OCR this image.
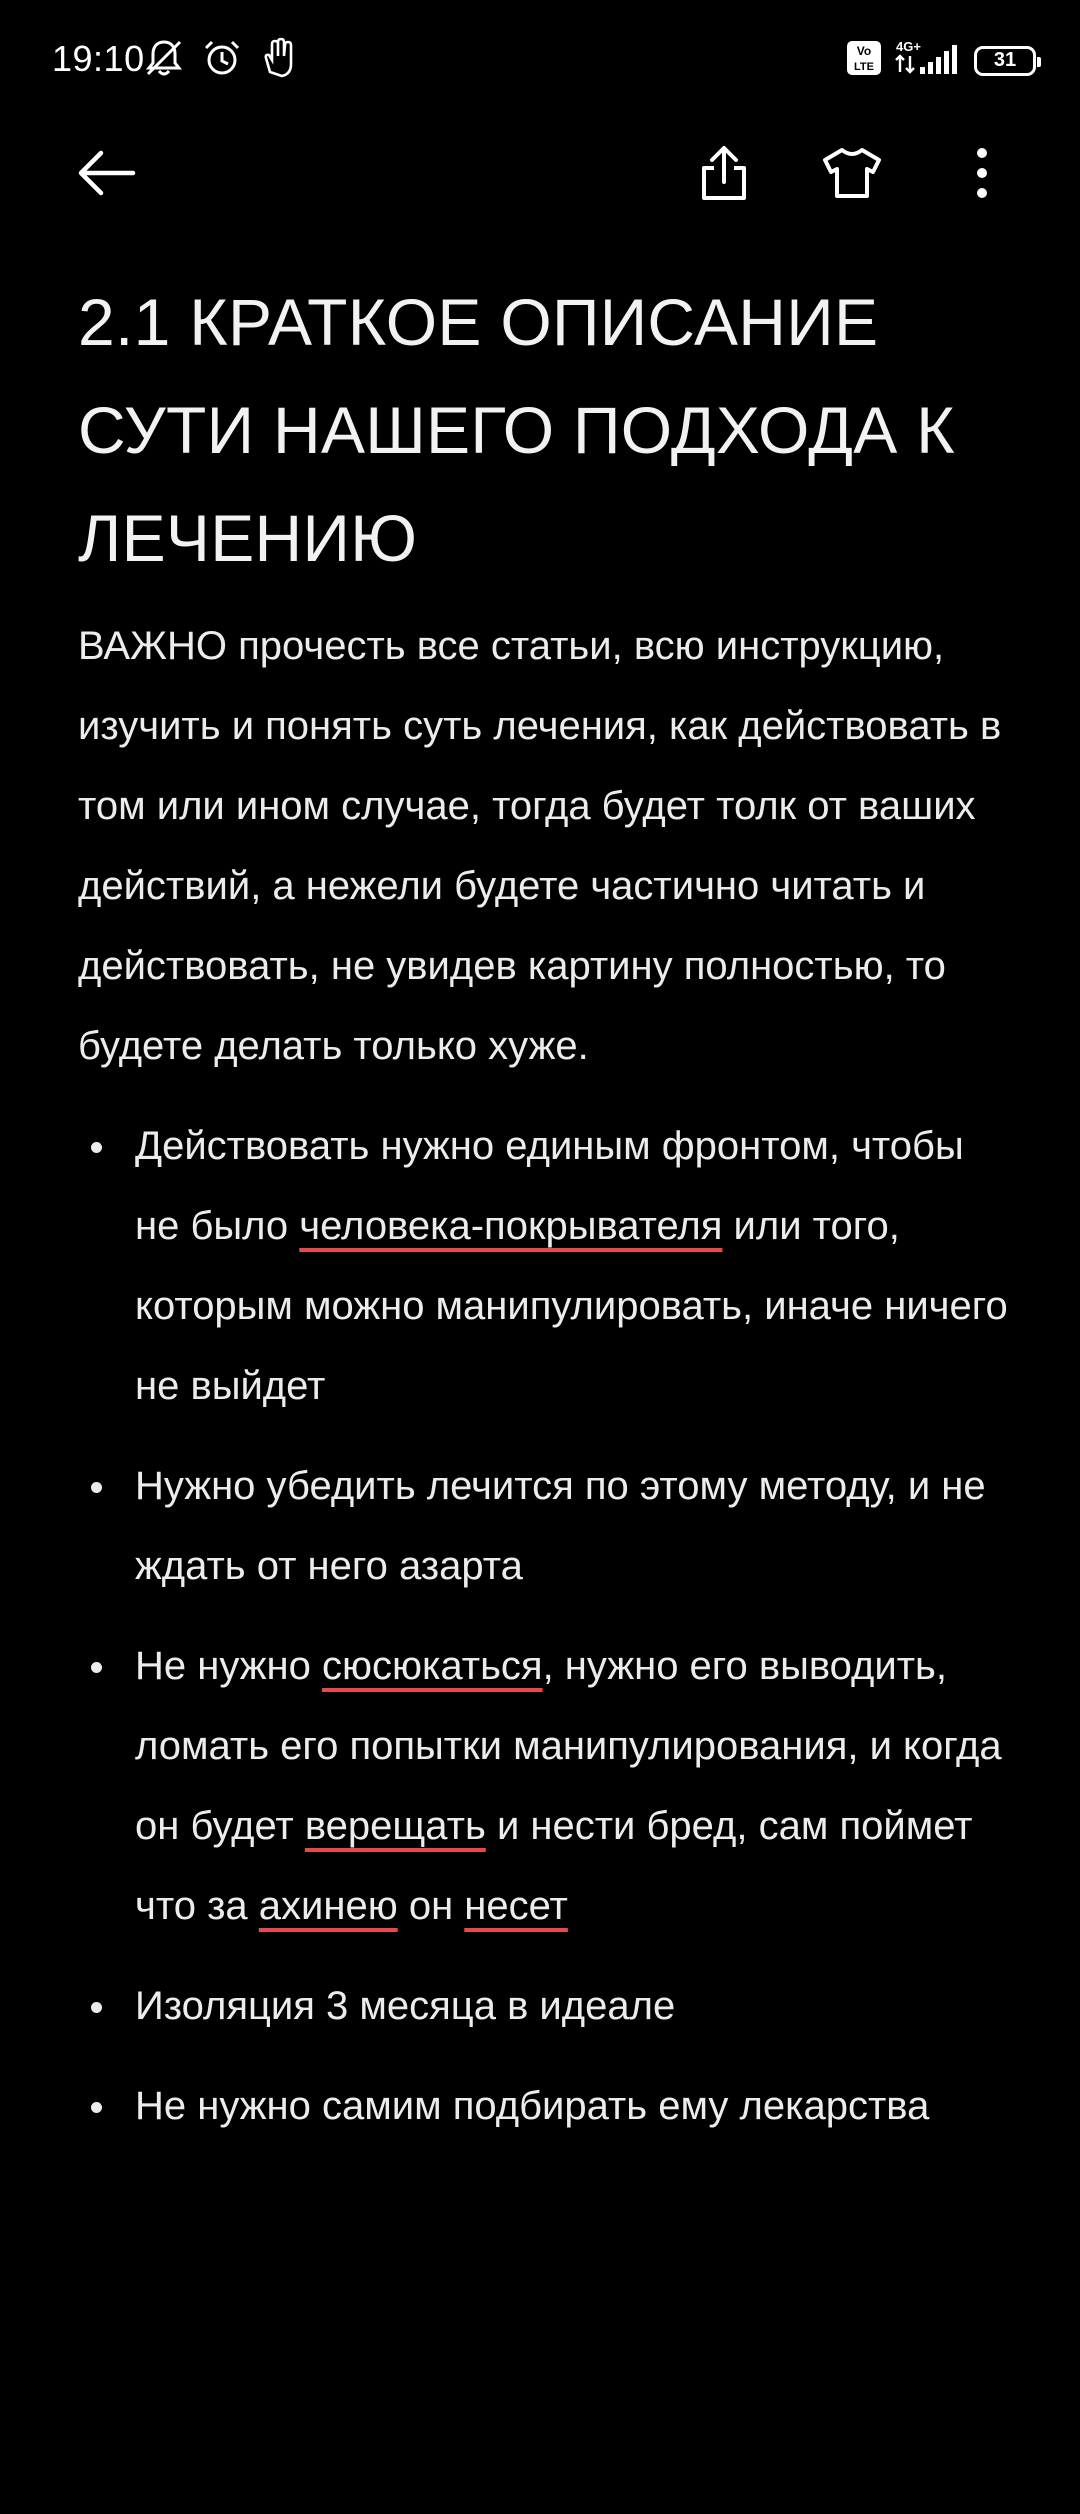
19:10	Vo
LTE
4G+
31
2.1 КРАТКОЕ ОПИСАНИЕ СУТИ НАШЕГО ПОДХОДА К ЛЕЧЕНИЮ

ВАЖНО прочесть все статьи, всю инструкцию, изучить и понять суть лечения, как действовать в том или ином случае, тогда будет толк от ваших действий, а нежели будете частично читать и действовать, не увидев картину полностью, то будете делать только хуже.

Действовать нужно единым фронтом, чтобы не было человека-покрывателя или того, которым можно манипулировать, иначе ничего не выйдет
Нужно убедить лечится по этому методу, и не ждать от него азарта
Не нужно сюсюкаться, нужно его выводить, ломать его попытки манипулирования, и когда он будет верещать и нести бред, сам поймет что за ахинею он несет
Изоляция 3 месяца в идеале
Не нужно самим подбирать ему лекарства
